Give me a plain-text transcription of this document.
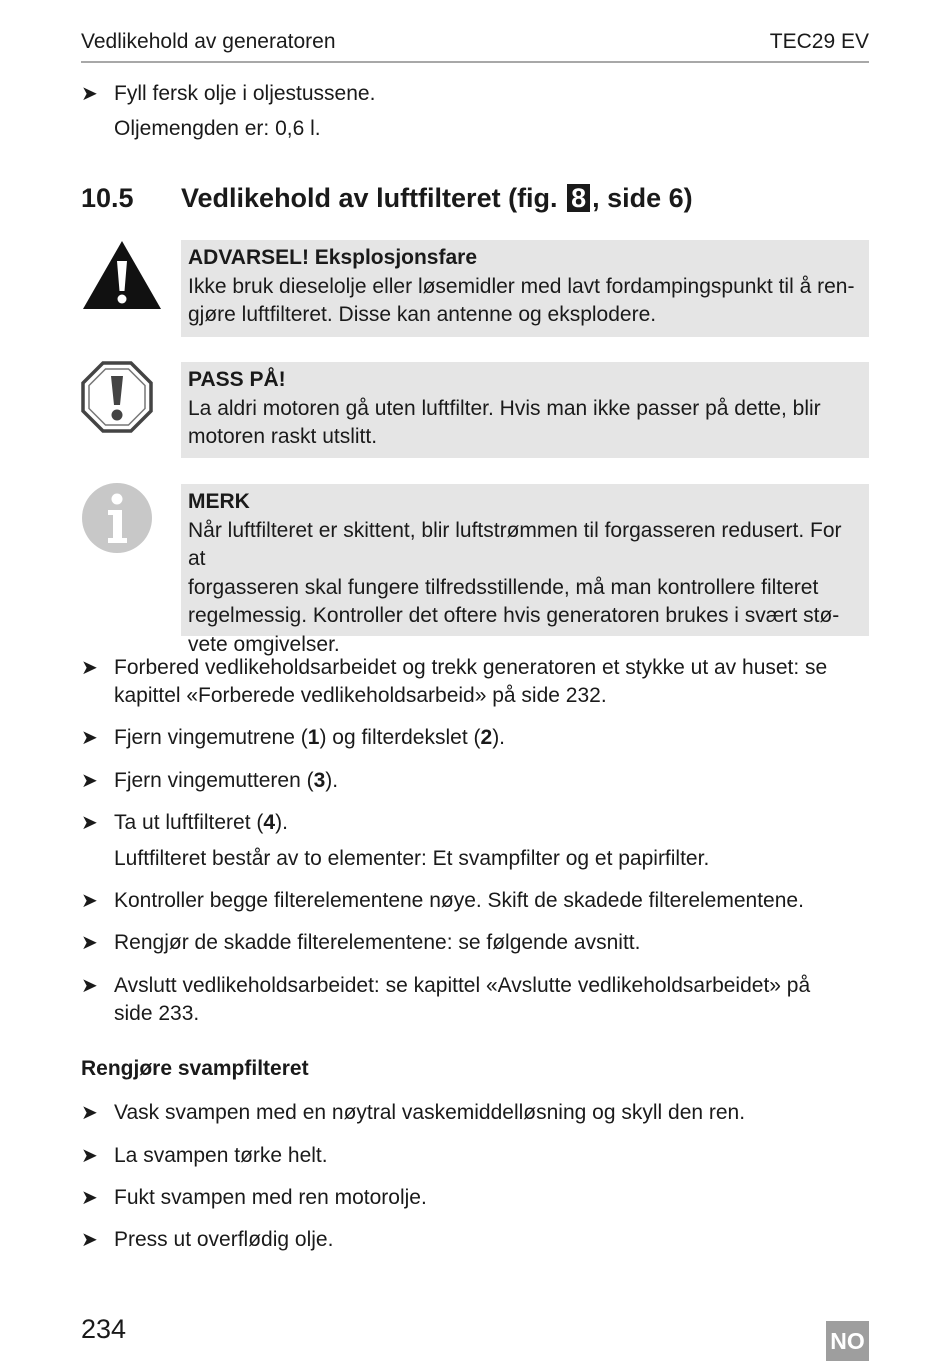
Vedlikehold av generatoren	TEC29 EV
➤ Fyll fersk olje i oljestussene.
Oljemengden er: 0,6 l.
10.5 Vedlikehold av luftfilteret (fig. 8 , side 6)
ADVARSEL! Eksplosjonsfare
Ikke bruk dieselolje eller løsemidler med lavt fordampingspunkt til å ren-
gjøre luftfilteret. Disse kan antenne og eksplodere.
PASS PÅ!
La aldri motoren gå uten luftfilter. Hvis man ikke passer på dette, blir
motoren raskt utslitt.
MERK
Når luftfilteret er skittent, blir luftstrømmen til forgasseren redusert. For at
forgasseren skal fungere tilfredsstillende, må man kontrollere filteret
regelmessig. Kontroller det oftere hvis generatoren brukes i svært stø-
vete omgivelser.
➤ Forbered vedlikeholdsarbeidet og trekk generatoren et stykke ut av huset: se
kapittel «Forberede vedlikeholdsarbeid» på side 232.
➤ Fjern vingemutrene (1) og filterdekslet (2).
➤ Fjern vingemutteren (3).
➤ Ta ut luftfilteret (4).
Luftfilteret består av to elementer: Et svampfilter og et papirfilter.
➤ Kontroller begge filterelementene nøye. Skift de skadede filterelementene.
➤ Rengjør de skadde filterelementene: se følgende avsnitt.
➤ Avslutt vedlikeholdsarbeidet: se kapittel «Avslutte vedlikeholdsarbeidet» på
side 233.
Rengjøre svampfilteret
➤ Vask svampen med en nøytral vaskemiddelløsning og skyll den ren.
➤ La svampen tørke helt.
➤ Fukt svampen med ren motorolje.
➤ Press ut overflødig olje.
234	NO
